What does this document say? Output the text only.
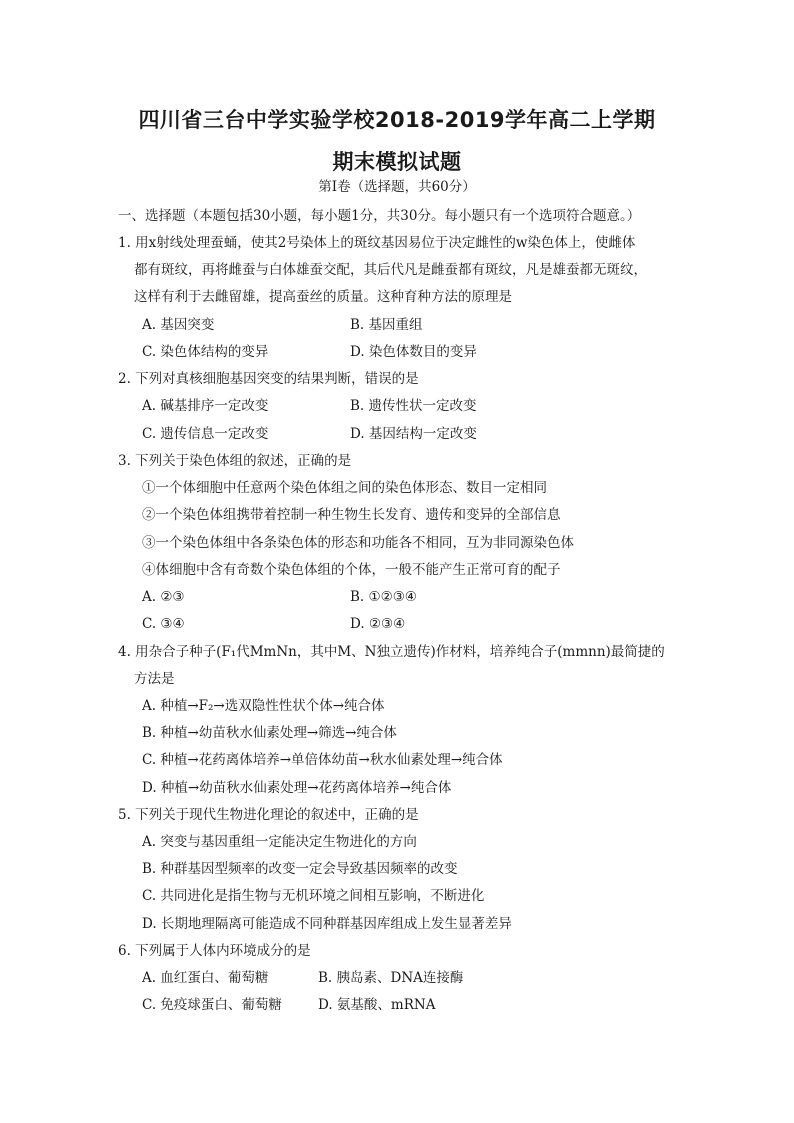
四川省三台中学实验学校2018-2019学年高二上学期
期末模拟试题
第Ⅰ卷（选择题，共60分）
一、选择题（本题包括30小题，每小题1分，共30分。每小题只有一个选项符合题意。）
1. 用x射线处理蚕蛹，使其2号染体上的斑纹基因易位于决定雌性的w染色体上，使雌体
都有斑纹，再将雌蚕与白体雄蚕交配，其后代凡是雌蚕都有斑纹，凡是雄蚕都无斑纹，
这样有利于去雌留雄，提高蚕丝的质量。这种育种方法的原理是
A. 基因突变	B. 基因重组
C. 染色体结构的变异	D. 染色体数目的变异
2. 下列对真核细胞基因突变的结果判断，错误的是
A. 碱基排序一定改变	B. 遗传性状一定改变
C. 遗传信息一定改变	D. 基因结构一定改变
3. 下列关于染色体组的叙述，正确的是
①一个体细胞中任意两个染色体组之间的染色体形态、数目一定相同
②一个染色体组携带着控制一种生物生长发育、遗传和变异的全部信息
③一个染色体组中各条染色体的形态和功能各不相同，互为非同源染色体
④体细胞中含有奇数个染色体组的个体，一般不能产生正常可育的配子
A. ②③	B. ①②③④
C. ③④	D. ②③④
4. 用杂合子种子(F₁代MmNn，其中M、N独立遗传)作材料，培养纯合子(mmnn)最简捷的
方法是
A. 种植→F₂→选双隐性性状个体→纯合体
B. 种植→幼苗秋水仙素处理→筛选→纯合体
C. 种植→花药离体培养→单倍体幼苗→秋水仙素处理→纯合体
D. 种植→幼苗秋水仙素处理→花药离体培养→纯合体
5. 下列关于现代生物进化理论的叙述中，正确的是
A. 突变与基因重组一定能决定生物进化的方向
B. 种群基因型频率的改变一定会导致基因频率的改变
C. 共同进化是指生物与无机环境之间相互影响，不断进化
D. 长期地理隔离可能造成不同种群基因库组成上发生显著差异
6. 下列属于人体内环境成分的是
A. 血红蛋白、葡萄糖	B. 胰岛素、DNA连接酶
C. 免疫球蛋白、葡萄糖	D. 氨基酸、mRNA
